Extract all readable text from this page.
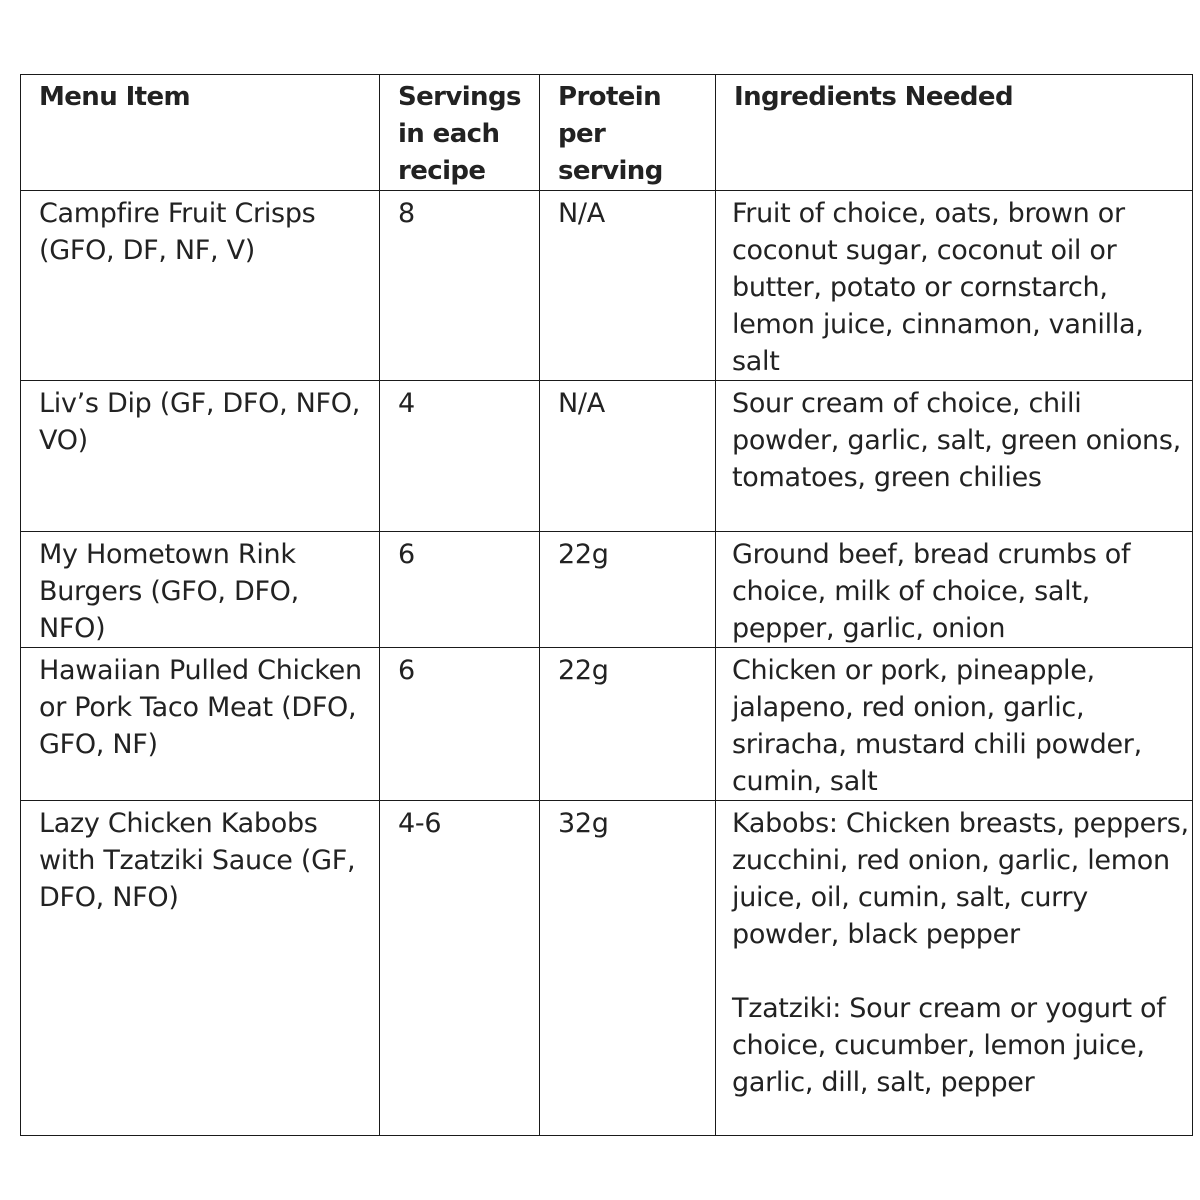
Menu Item	Servings in each recipe	Protein per serving	Ingredients Needed
Campfire Fruit Crisps (GFO, DF, NF, V)	8	N/A	Fruit of choice, oats, brown or coconut sugar, coconut oil or butter, potato or cornstarch, lemon juice, cinnamon, vanilla, salt

Liv’s Dip (GF, DFO, NFO, VO)	4	N/A	Sour cream of choice, chili powder, garlic, salt, green onions, tomatoes, green chilies

My Hometown Rink Burgers (GFO, DFO, NFO)	6	22g	Ground beef, bread crumbs of choice, milk of choice, salt, pepper, garlic, onion

Hawaiian Pulled Chicken or Pork Taco Meat (DFO, GFO, NF)	6	22g	Chicken or pork, pineapple, jalapeno, red onion, garlic, sriracha, mustard chili powder, cumin, salt

Lazy Chicken Kabobs with Tzatziki Sauce (GF, DFO, NFO)	4-6	32g	Kabobs: Chicken breasts, peppers, zucchini, red onion, garlic, lemon juice, oil, cumin, salt, curry powder, black pepper
Tzatziki: Sour cream or yogurt of choice, cucumber, lemon juice, garlic, dill, salt, pepper
